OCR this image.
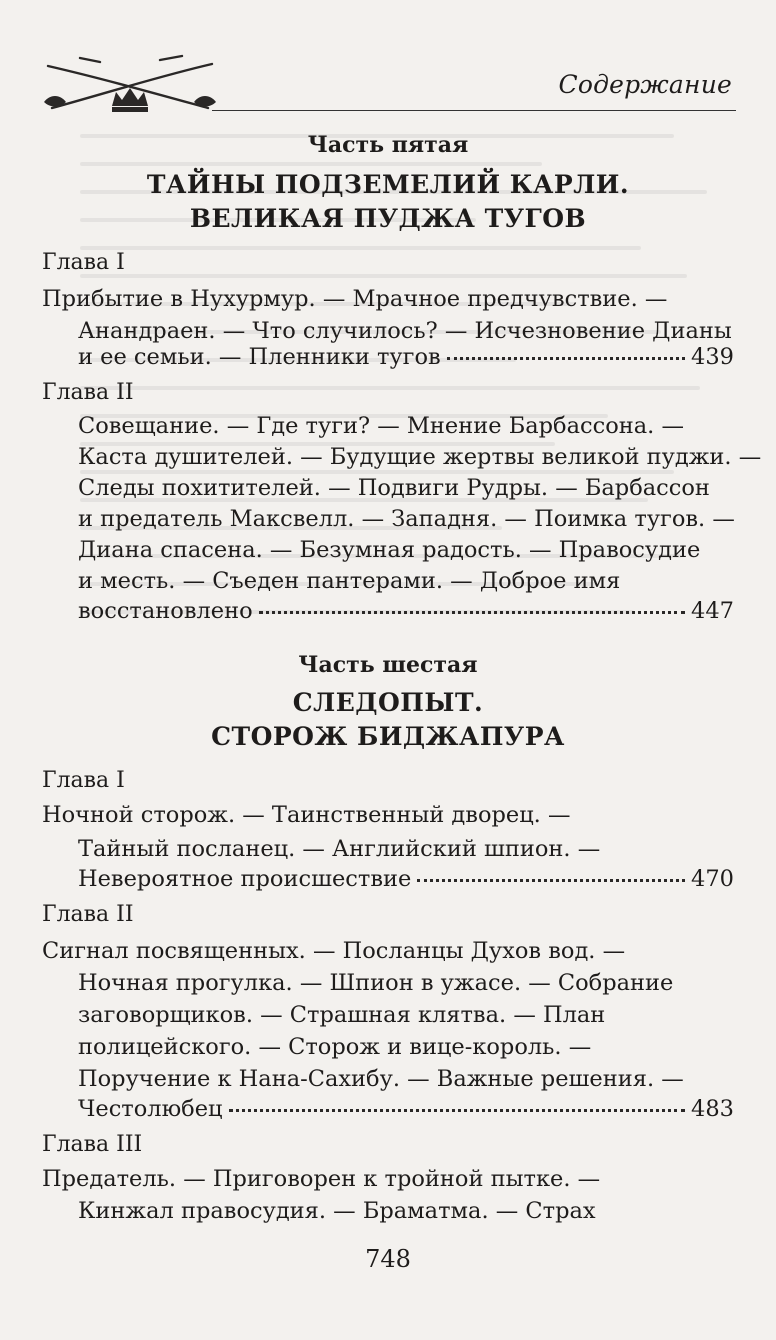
Содержание
Часть пятая
ТАЙНЫ ПОДЗЕМЕЛИЙ КАРЛИ.
ВЕЛИКАЯ ПУДЖА ТУГОВ
Глава I
Прибытие в Нухурмур. — Мрачное предчувствие. —
Анандраен. — Что случилось? — Исчезновение Дианы
и ее семьи. — Пленники тугов	439
Глава II
Совещание. — Где туги? — Мнение Барбассона. —
Каста душителей. — Будущие жертвы великой пуджи. —
Следы похитителей. — Подвиги Рудры. — Барбассон
и предатель Максвелл. — Западня. — Поимка тугов. —
Диана спасена. — Безумная радость. — Правосудие
и месть. — Съеден пантерами. — Доброе имя
восстановлено	447
Часть шестая
СЛЕДОПЫТ.
СТОРОЖ БИДЖАПУРА
Глава I
Ночной сторож. — Таинственный дворец. —
Тайный посланец. — Английский шпион. —
Невероятное происшествие	470
Глава II
Сигнал посвященных. — Посланцы Духов вод. —
Ночная прогулка. — Шпион в ужасе. — Собрание
заговорщиков. — Страшная клятва. — План
полицейского. — Сторож и вице-король. —
Поручение к Нана-Сахибу. — Важные решения. —
Честолюбец	483
Глава III
Предатель. — Приговорен к тройной пытке. —
Кинжал правосудия. — Браматма. — Страх
748
